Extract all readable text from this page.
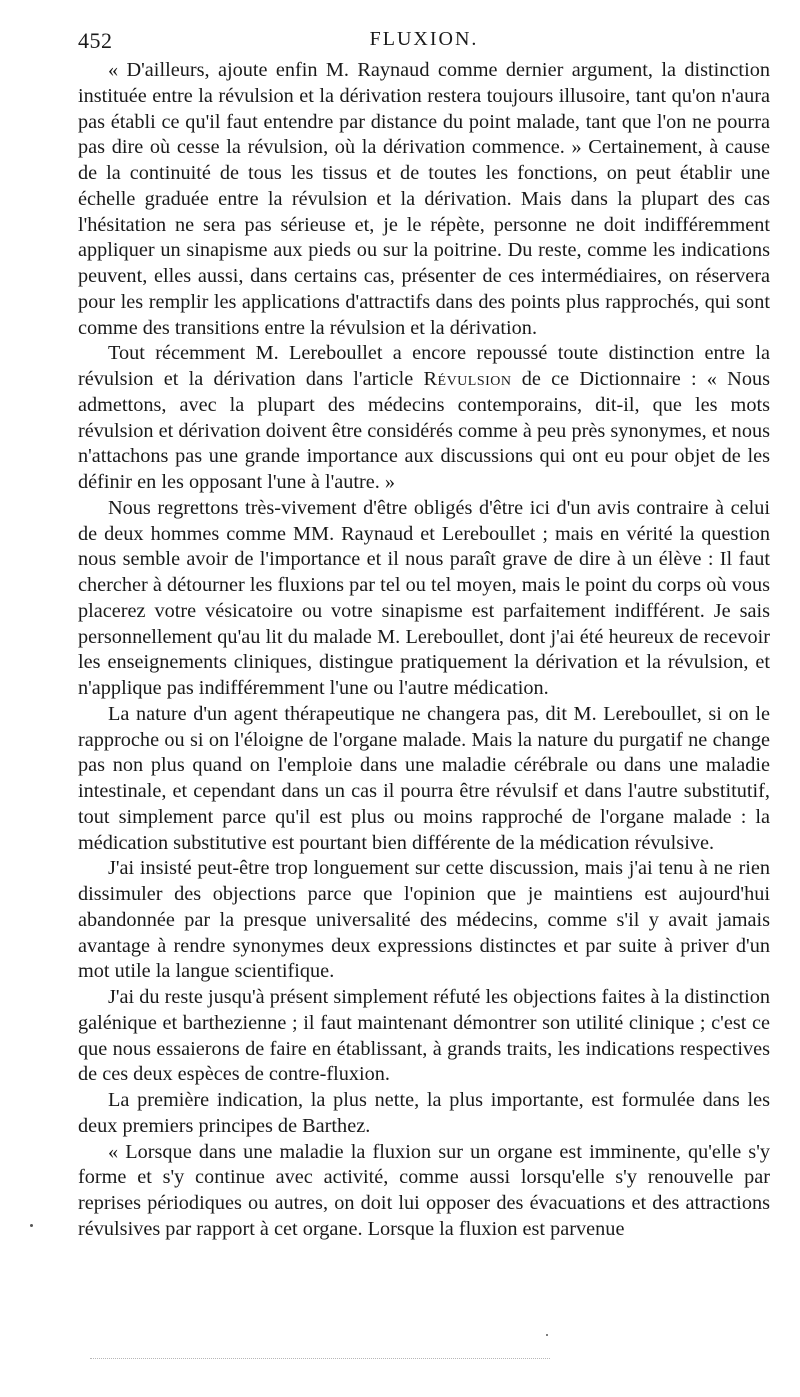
452	FLUXION.

« D'ailleurs, ajoute enfin M. Raynaud comme dernier argument, la distinction instituée entre la révulsion et la dérivation restera toujours illusoire, tant qu'on n'aura pas établi ce qu'il faut entendre par distance du point malade, tant que l'on ne pourra pas dire où cesse la révulsion, où la dérivation commence. » Certainement, à cause de la continuité de tous les tissus et de toutes les fonctions, on peut établir une échelle graduée entre la révulsion et la dérivation. Mais dans la plupart des cas l'hésitation ne sera pas sérieuse et, je le répète, personne ne doit indifféremment appliquer un sinapisme aux pieds ou sur la poitrine. Du reste, comme les indications peuvent, elles aussi, dans certains cas, présenter de ces intermédiaires, on réservera pour les remplir les applications d'attractifs dans des points plus rapprochés, qui sont comme des transitions entre la révulsion et la dérivation.

Tout récemment M. Lereboullet a encore repoussé toute distinction entre la révulsion et la dérivation dans l'article Révulsion de ce Dictionnaire : « Nous admettons, avec la plupart des médecins contemporains, dit-il, que les mots révulsion et dérivation doivent être considérés comme à peu près synonymes, et nous n'attachons pas une grande importance aux discussions qui ont eu pour objet de les définir en les opposant l'une à l'autre. »

Nous regrettons très-vivement d'être obligés d'être ici d'un avis contraire à celui de deux hommes comme MM. Raynaud et Lereboullet ; mais en vérité la question nous semble avoir de l'importance et il nous paraît grave de dire à un élève : Il faut chercher à détourner les fluxions par tel ou tel moyen, mais le point du corps où vous placerez votre vésicatoire ou votre sinapisme est parfaitement indifférent. Je sais personnellement qu'au lit du malade M. Lereboullet, dont j'ai été heureux de recevoir les enseignements cliniques, distingue pratiquement la dérivation et la révulsion, et n'applique pas indifféremment l'une ou l'autre médication.

La nature d'un agent thérapeutique ne changera pas, dit M. Lereboullet, si on le rapproche ou si on l'éloigne de l'organe malade. Mais la nature du purgatif ne change pas non plus quand on l'emploie dans une maladie cérébrale ou dans une maladie intestinale, et cependant dans un cas il pourra être révulsif et dans l'autre substitutif, tout simplement parce qu'il est plus ou moins rapproché de l'organe malade : la médication substitutive est pourtant bien différente de la médication révulsive.

J'ai insisté peut-être trop longuement sur cette discussion, mais j'ai tenu à ne rien dissimuler des objections parce que l'opinion que je maintiens est aujourd'hui abandonnée par la presque universalité des médecins, comme s'il y avait jamais avantage à rendre synonymes deux expressions distinctes et par suite à priver d'un mot utile la langue scientifique.

J'ai du reste jusqu'à présent simplement réfuté les objections faites à la distinction galénique et barthezienne ; il faut maintenant démontrer son utilité clinique ; c'est ce que nous essaierons de faire en établissant, à grands traits, les indications respectives de ces deux espèces de contre-fluxion.

La première indication, la plus nette, la plus importante, est formulée dans les deux premiers principes de Barthez.

« Lorsque dans une maladie la fluxion sur un organe est imminente, qu'elle s'y forme et s'y continue avec activité, comme aussi lorsqu'elle s'y renouvelle par reprises périodiques ou autres, on doit lui opposer des évacuations et des attractions révulsives par rapport à cet organe. Lorsque la fluxion est parvenue
